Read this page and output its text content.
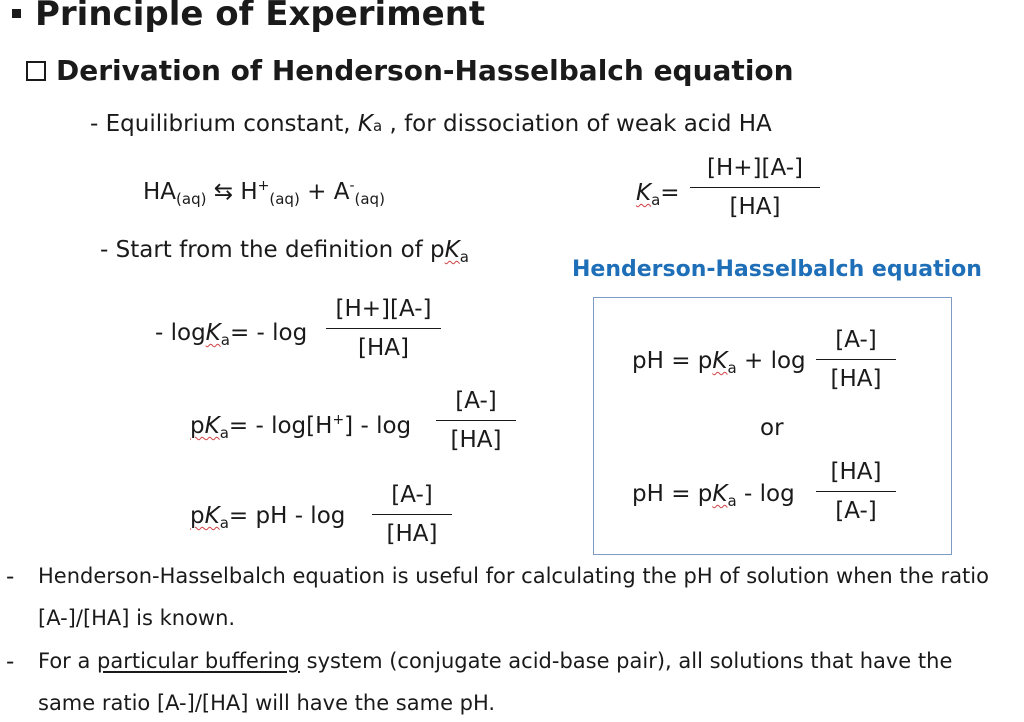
Principle of Experiment
Derivation of Henderson-Hasselbalch equation
- Equilibrium constant, Ka , for dissociation of weak acid HA
$HA_{(aq)}$ ⇆ $H^+_{(aq)} + A^-_{(aq)}$	$K_a=$
[H+][A-]
[HA]
- Start from the definition of $pK_a$
- logK$_a$= - log
[H+][A-]
[HA]
$pK_a= - \log[H^+] - \log$
[A-]
[HA]
$pK_a=$ pH - log
[A-]
[HA]
Henderson-Hasselbalch equation
pH = $pK_a + \log$
[A-]
[HA]
or
pH = $pK_a$ - log
[HA]
[A-]
- Henderson-Hasselbalch equation is useful for calculating the pH of solution when the ratio
[A-]/[HA] is known.
- For a particular buffering system (conjugate acid-base pair), all solutions that have the
same ratio [A-]/[HA] will have the same pH.
